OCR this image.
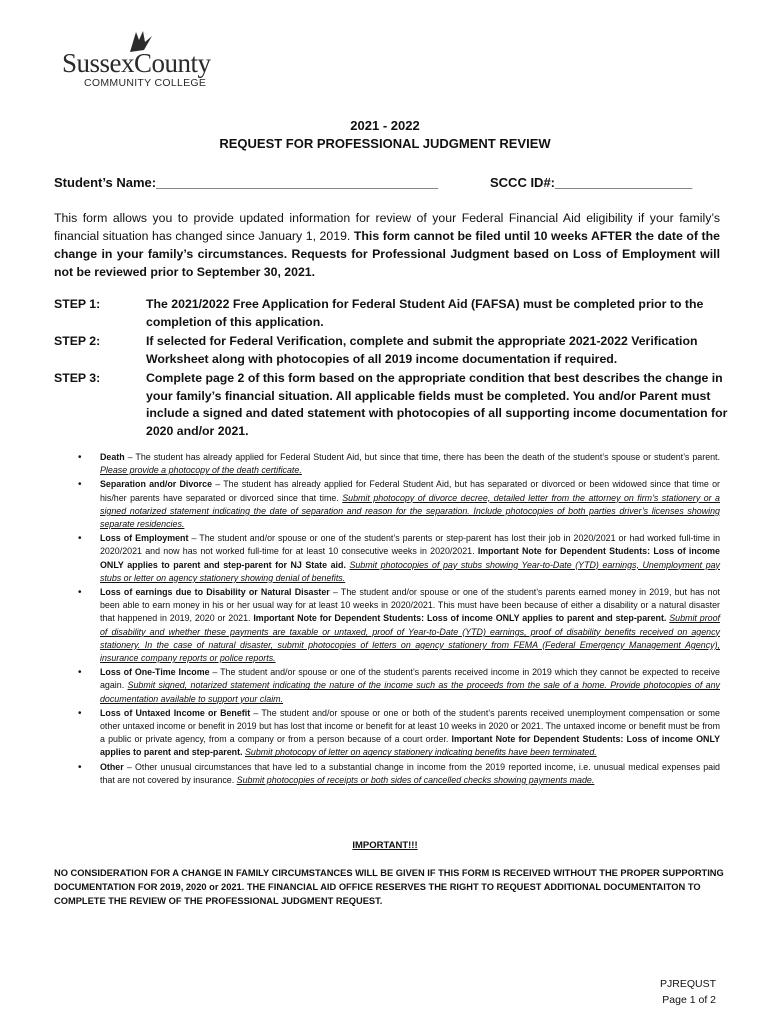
SussexCounty
COMMUNITY COLLEGE
2021 - 2022
REQUEST FOR PROFESSIONAL JUDGMENT REVIEW
Student’s Name:_______________________________________	SCCC ID#:___________________
This form allows you to provide updated information for review of your Federal Financial Aid eligibility if your family’s financial situation has changed since January 1, 2019. This form cannot be filed until 10 weeks AFTER the date of the change in your family’s circumstances. Requests for Professional Judgment based on Loss of Employment will not be reviewed prior to September 30, 2021.
STEP 1:	The 2021/2022 Free Application for Federal Student Aid (FAFSA) must be completed prior to the completion of this application.
STEP 2:	If selected for Federal Verification, complete and submit the appropriate 2021-2022 Verification Worksheet along with photocopies of all 2019 income documentation if required.
STEP 3:	Complete page 2 of this form based on the appropriate condition that best describes the change in your family’s financial situation. All applicable fields must be completed. You and/or Parent must include a signed and dated statement with photocopies of all supporting income documentation for 2020 and/or 2021.
• Death – The student has already applied for Federal Student Aid, but since that time, there has been the death of the student’s spouse or student’s parent. Please provide a photocopy of the death certificate.
• Separation and/or Divorce – The student has already applied for Federal Student Aid, but has separated or divorced or been widowed since that time or his/her parents have separated or divorced since that time. Submit photocopy of divorce decree, detailed letter from the attorney on firm’s stationery or a signed notarized statement indicating the date of separation and reason for the separation. Include photocopies of both parties driver’s licenses showing separate residencies.
• Loss of Employment – The student and/or spouse or one of the student’s parents or step-parent has lost their job in 2020/2021 or had worked full-time in 2020/2021 and now has not worked full-time for at least 10 consecutive weeks in 2020/2021. Important Note for Dependent Students: Loss of income ONLY applies to parent and step-parent for NJ State aid. Submit photocopies of pay stubs showing Year-to-Date (YTD) earnings, Unemployment pay stubs or letter on agency stationery showing denial of benefits.
• Loss of earnings due to Disability or Natural Disaster – The student and/or spouse or one of the student’s parents earned money in 2019, but has not been able to earn money in his or her usual way for at least 10 weeks in 2020/2021. This must have been because of either a disability or a natural disaster that happened in 2019, 2020 or 2021. Important Note for Dependent Students: Loss of income ONLY applies to parent and step-parent. Submit proof of disability and whether these payments are taxable or untaxed, proof of Year-to-Date (YTD) earnings, proof of disability benefits received on agency stationery. In the case of natural disaster, submit photocopies of letters on agency stationery from FEMA (Federal Emergency Management Agency), insurance company reports or police reports.
• Loss of One-Time Income – The student and/or spouse or one of the student’s parents received income in 2019 which they cannot be expected to receive again. Submit signed, notarized statement indicating the nature of the income such as the proceeds from the sale of a home. Provide photocopies of any documentation available to support your claim.
• Loss of Untaxed Income or Benefit – The student and/or spouse or one or both of the student’s parents received unemployment compensation or some other untaxed income or benefit in 2019 but has lost that income or benefit for at least 10 weeks in 2020 or 2021. The untaxed income or benefit must be from a public or private agency, from a company or from a person because of a court order. Important Note for Dependent Students: Loss of income ONLY applies to parent and step-parent. Submit photocopy of letter on agency stationery indicating benefits have been terminated.
• Other – Other unusual circumstances that have led to a substantial change in income from the 2019 reported income, i.e. unusual medical expenses paid that are not covered by insurance. Submit photocopies of receipts or both sides of cancelled checks showing payments made.
IMPORTANT!!!
NO CONSIDERATION FOR A CHANGE IN FAMILY CIRCUMSTANCES WILL BE GIVEN IF THIS FORM IS RECEIVED WITHOUT THE PROPER SUPPORTING DOCUMENTATION FOR 2019, 2020 or 2021. THE FINANCIAL AID OFFICE RESERVES THE RIGHT TO REQUEST ADDITIONAL DOCUMENTAITON TO COMPLETE THE REVIEW OF THE PROFESSIONAL JUDGMENT REQUEST.
PJREQUST
Page 1 of 2
